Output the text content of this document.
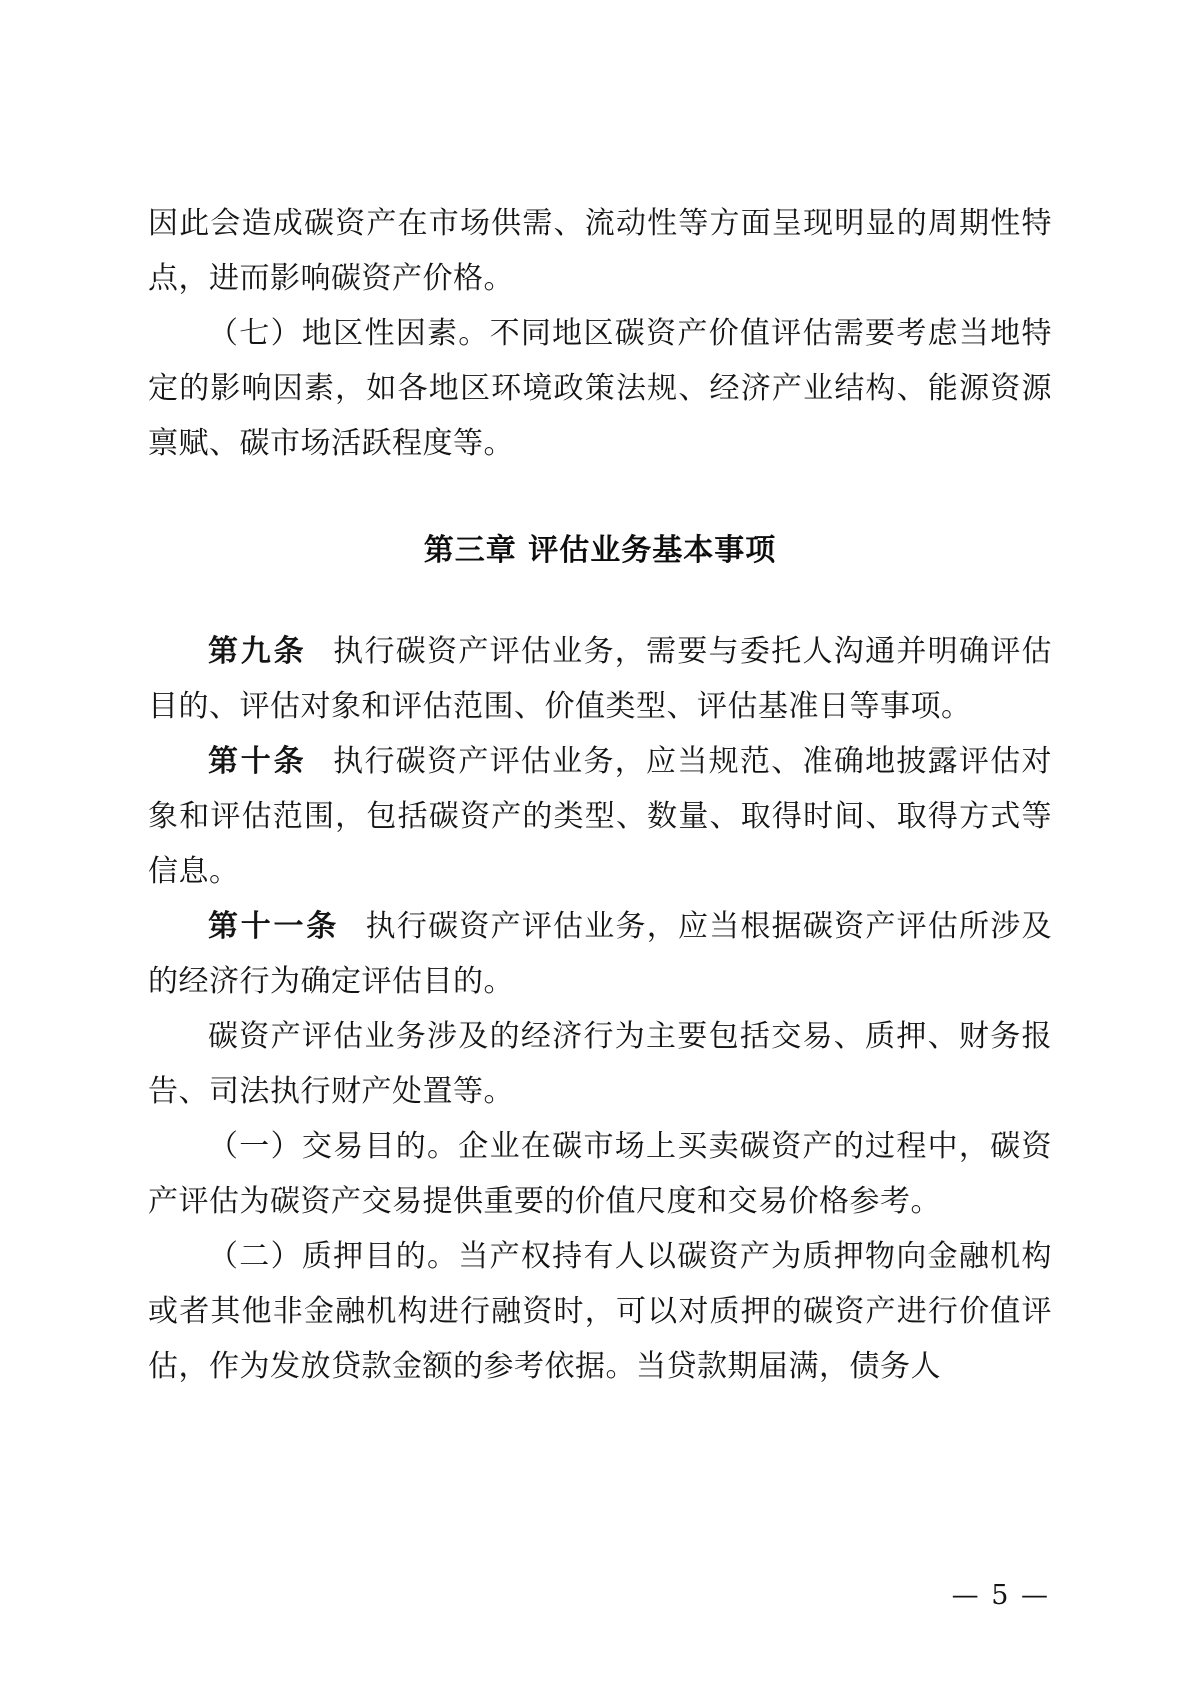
因此会造成碳资产在市场供需、流动性等方面呈现明显的周期性特点，进而影响碳资产价格。

（七）地区性因素。不同地区碳资产价值评估需要考虑当地特定的影响因素，如各地区环境政策法规、经济产业结构、能源资源禀赋、碳市场活跃程度等。

第三章 评估业务基本事项

第九条 执行碳资产评估业务，需要与委托人沟通并明确评估目的、评估对象和评估范围、价值类型、评估基准日等事项。

第十条 执行碳资产评估业务，应当规范、准确地披露评估对象和评估范围，包括碳资产的类型、数量、取得时间、取得方式等信息。

第十一条 执行碳资产评估业务，应当根据碳资产评估所涉及的经济行为确定评估目的。

碳资产评估业务涉及的经济行为主要包括交易、质押、财务报告、司法执行财产处置等。

（一）交易目的。企业在碳市场上买卖碳资产的过程中，碳资产评估为碳资产交易提供重要的价值尺度和交易价格参考。

（二）质押目的。当产权持有人以碳资产为质押物向金融机构或者其他非金融机构进行融资时，可以对质押的碳资产进行价值评估，作为发放贷款金额的参考依据。当贷款期届满，债务人

— 5 —
